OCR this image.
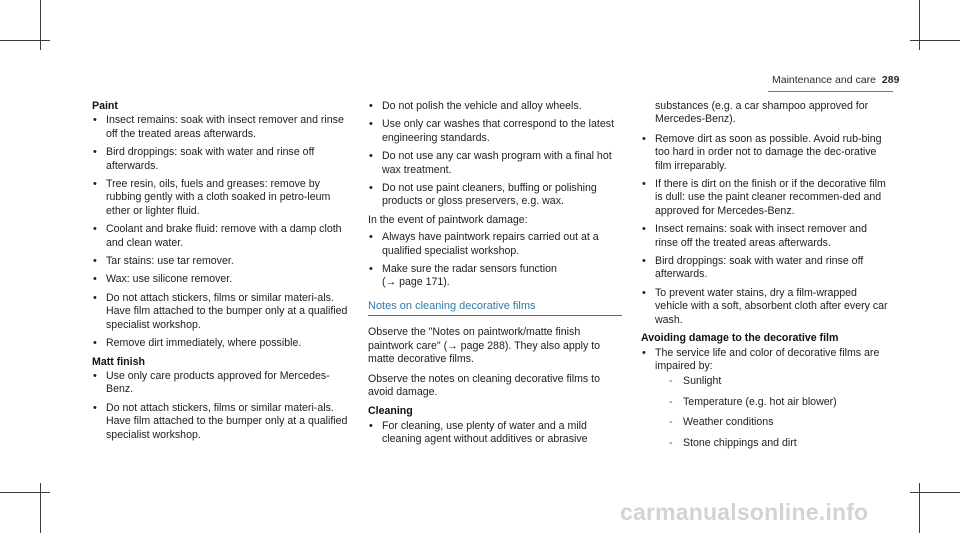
Maintenance and care 289
Paint
• Insect remains: soak with insect remover and rinse off the treated areas afterwards.
• Bird droppings: soak with water and rinse off afterwards.
• Tree resin, oils, fuels and greases: remove by rubbing gently with a cloth soaked in petro-leum ether or lighter fluid.
• Coolant and brake fluid: remove with a damp cloth and clean water.
• Tar stains: use tar remover.
• Wax: use silicone remover.
• Do not attach stickers, films or similar materi-als. Have film attached to the bumper only at a qualified specialist workshop.
• Remove dirt immediately, where possible.
Matt finish
• Use only care products approved for Mercedes-Benz.
• Do not attach stickers, films or similar materi-als. Have film attached to the bumper only at a qualified specialist workshop.
• Do not polish the vehicle and alloy wheels.
• Use only car washes that correspond to the latest engineering standards.
• Do not use any car wash program with a final hot wax treatment.
• Do not use paint cleaners, buffing or polishing products or gloss preservers, e.g. wax.

In the event of paintwork damage:

• Always have paintwork repairs carried out at a qualified specialist workshop.
• Make sure the radar sensors function
(→ page 171).
Notes on cleaning decorative films

Observe the "Notes on paintwork/matte finish paintwork care" (→ page 288). They also apply to matte decorative films.

Observe the notes on cleaning decorative films to avoid damage.

Cleaning
• For cleaning, use plenty of water and a mild cleaning agent without additives or abrasive

substances (e.g. a car shampoo approved for Mercedes-Benz).

• Remove dirt as soon as possible. Avoid rub-bing too hard in order not to damage the dec-orative film irreparably.
• If there is dirt on the finish or if the decorative film is dull: use the paint cleaner recommen-ded and approved for Mercedes-Benz.
• Insect remains: soak with insect remover and rinse off the treated areas afterwards.
• Bird droppings: soak with water and rinse off afterwards.
• To prevent water stains, dry a film-wrapped vehicle with a soft, absorbent cloth after every car wash.
Avoiding damage to the decorative film
• The service life and color of decorative films are impaired by:
- Sunlight
- Temperature (e.g. hot air blower)
- Weather conditions
- Stone chippings and dirt
carmanualsonline.info
